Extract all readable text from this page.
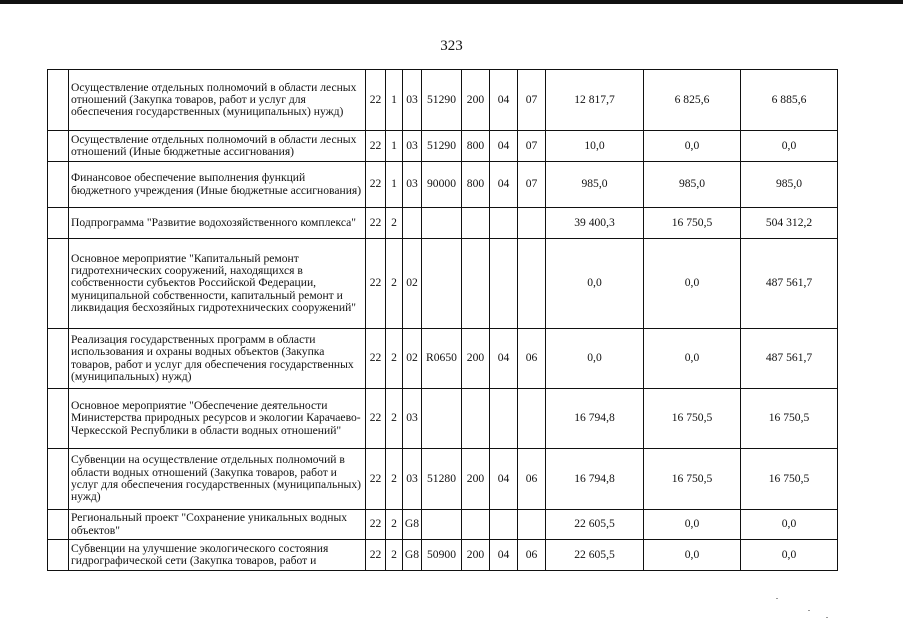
323
	Осуществление отдельных полномочий в области лесных отношений (Закупка товаров, работ и услуг для обеспечения государственных (муниципальных) нужд)	22	1	03	51290	200	04	07	12 817,7	6 825,6	6 885,6
	Осуществление отдельных полномочий в области лесных отношений (Иные бюджетные ассигнования)	22	1	03	51290	800	04	07	10,0	0,0	0,0
	Финансовое обеспечение выполнения функций бюджетного учреждения (Иные бюджетные ассигнования)	22	1	03	90000	800	04	07	985,0	985,0	985,0
	Подпрограмма "Развитие водохозяйственного комплекса"	22	2						39 400,3	16 750,5	504 312,2
	Основное мероприятие "Капитальный ремонт гидротехнических сооружений, находящихся в собственности субъектов Российской Федерации, муниципальной собственности, капитальный ремонт и ликвидация бесхозяйных гидротехнических сооружений"	22	2	02					0,0	0,0	487 561,7
	Реализация государственных программ в области использования и охраны водных объектов (Закупка товаров, работ и услуг для обеспечения государственных (муниципальных) нужд)	22	2	02	R0650	200	04	06	0,0	0,0	487 561,7
	Основное мероприятие "Обеспечение деятельности Министерства природных ресурсов и экологии Карачаево-Черкесской Республики в области водных отношений"	22	2	03					16 794,8	16 750,5	16 750,5
	Субвенции на осуществление отдельных полномочий в области водных отношений (Закупка товаров, работ и услуг для обеспечения государственных (муниципальных) нужд)	22	2	03	51280	200	04	06	16 794,8	16 750,5	16 750,5
	Региональный проект "Сохранение уникальных водных объектов"	22	2	G8					22 605,5	0,0	0,0
	Субвенции на улучшение экологического состояния гидрографической сети (Закупка товаров, работ и	22	2	G8	50900	200	04	06	22 605,5	0,0	0,0
